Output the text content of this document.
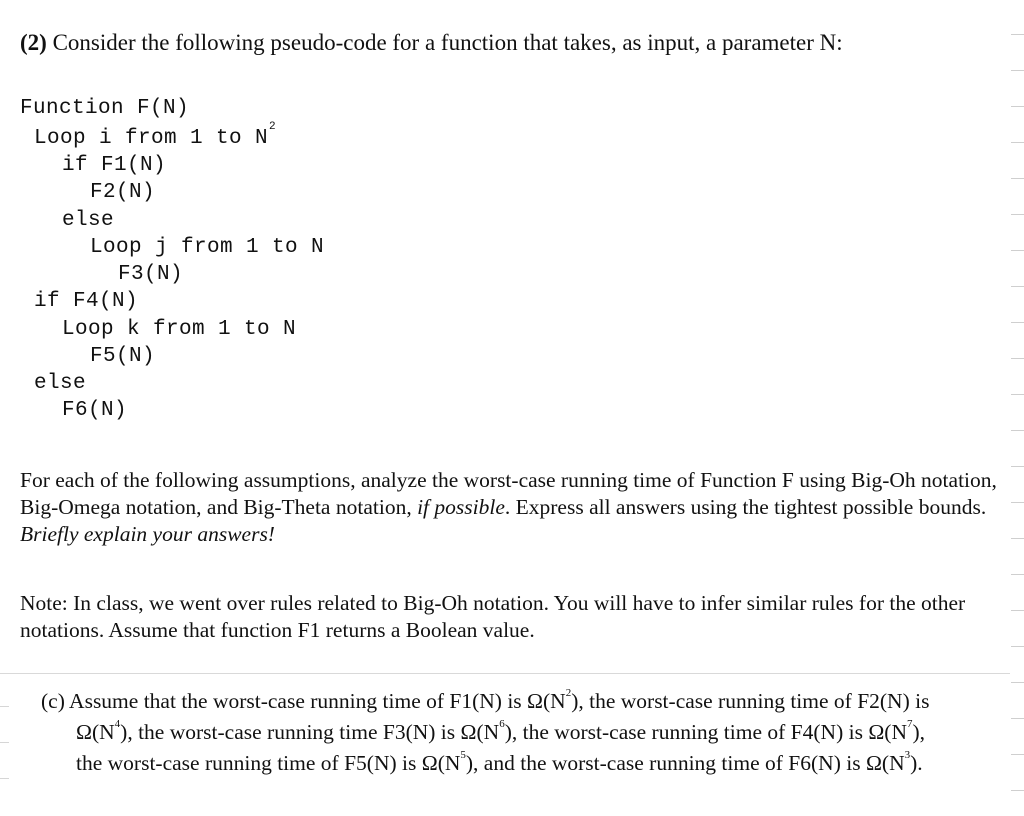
(2) Consider the following pseudo-code for a function that takes, as input, a parameter N:
Function F(N)
Loop i from 1 to $N^2$
if F1(N)
F2(N)
else
Loop j from 1 to N
F3(N)
if F4(N)
Loop k from 1 to N
F5(N)
else
F6(N)
For each of the following assumptions, analyze the worst-case running time of Function F using Big-Oh notation, Big-Omega notation, and Big-Theta notation, if possible. Express all answers using the tightest possible bounds. Briefly explain your answers!
Note: In class, we went over rules related to Big-Oh notation. You will have to infer similar rules for the other notations. Assume that function F1 returns a Boolean value.
(c) Assume that the worst-case running time of F1(N) is $\Omega(N^2)$, the worst-case running time of F2(N) is
$\Omega(N^4)$, the worst-case running time F3(N) is $\Omega(N^6)$, the worst-case running time of F4(N) is $\Omega(N^7)$,
the worst-case running time of F5(N) is $\Omega(N^5)$, and the worst-case running time of F6(N) is $\Omega(N^3)$.
